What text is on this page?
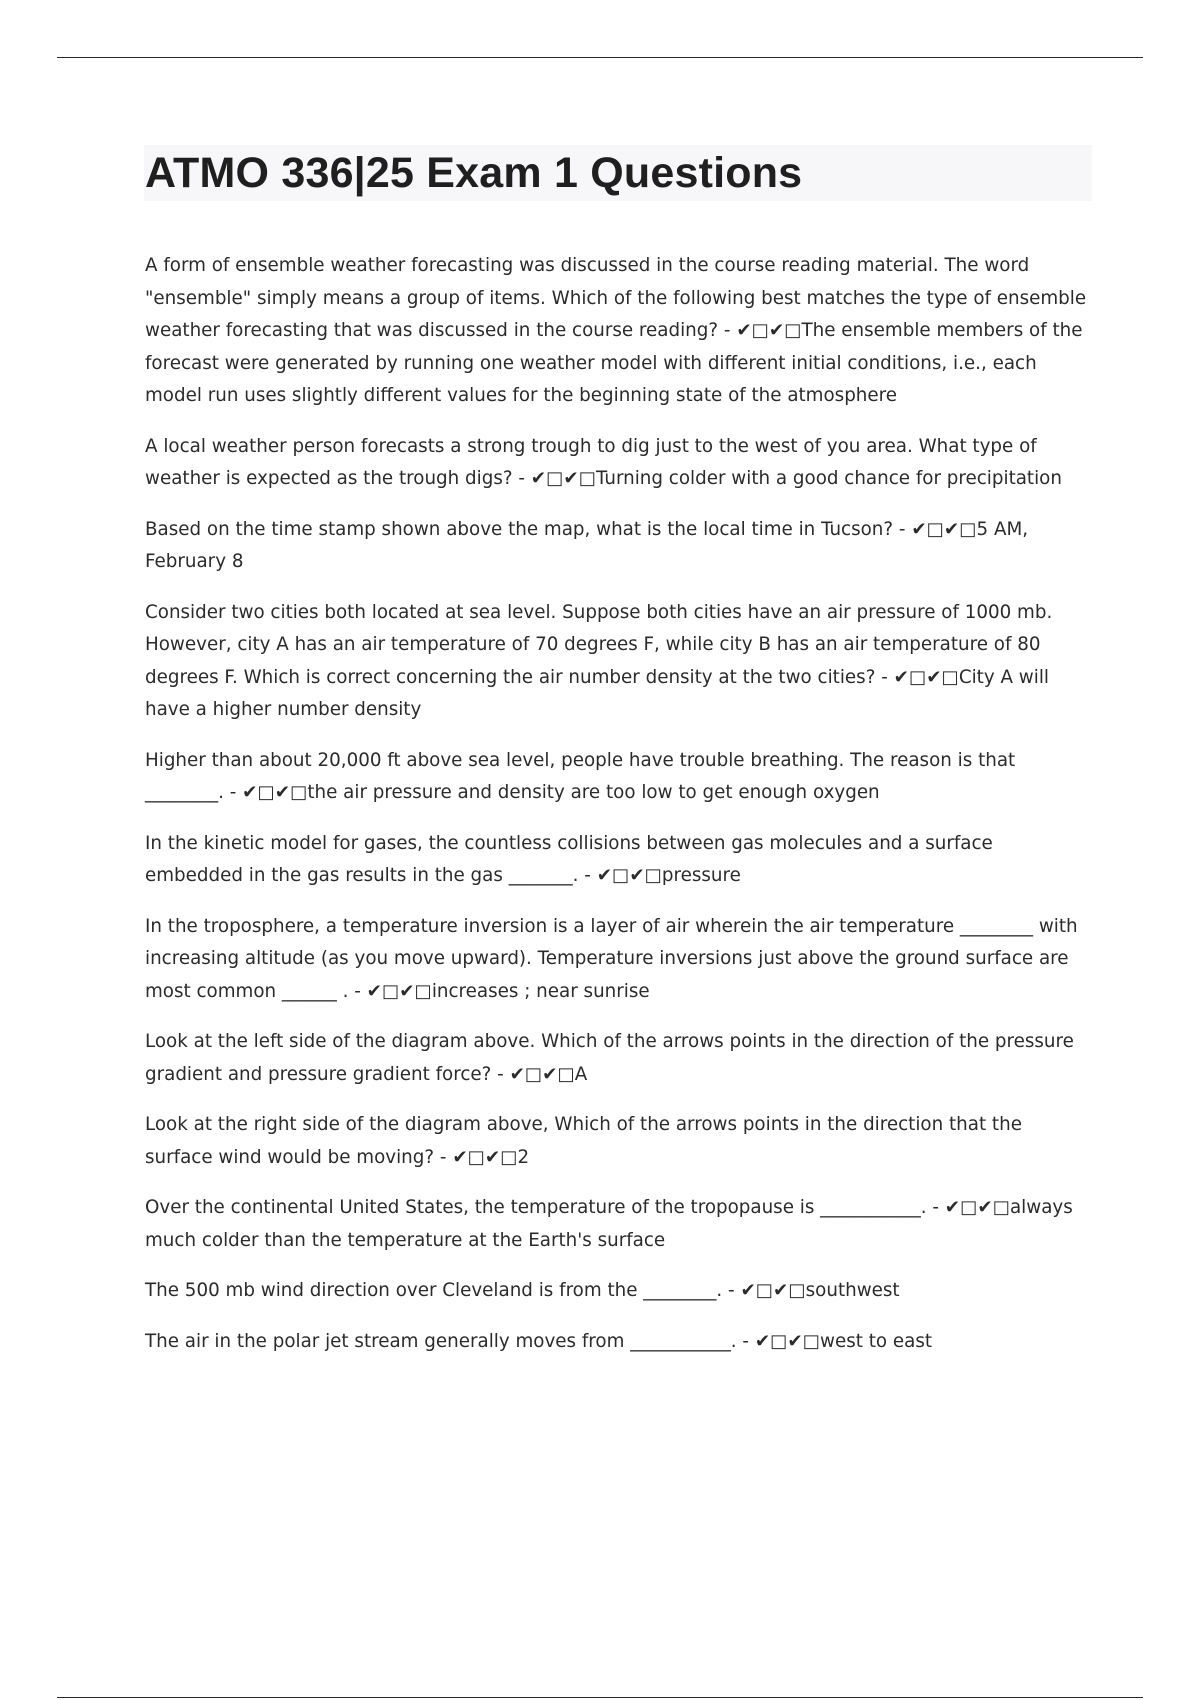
ATMO 336|25 Exam 1 Questions

A form of ensemble weather forecasting was discussed in the course reading material. The word "ensemble" simply means a group of items. Which of the following best matches the type of ensemble weather forecasting that was discussed in the course reading? - ✔□✔□The ensemble members of the forecast were generated by running one weather model with different initial conditions, i.e., each model run uses slightly different values for the beginning state of the atmosphere

A local weather person forecasts a strong trough to dig just to the west of you area. What type of weather is expected as the trough digs? - ✔□✔□Turning colder with a good chance for precipitation

Based on the time stamp shown above the map, what is the local time in Tucson? - ✔□✔□5 AM, February 8

Consider two cities both located at sea level. Suppose both cities have an air pressure of 1000 mb. However, city A has an air temperature of 70 degrees F, while city B has an air temperature of 80 degrees F. Which is correct concerning the air number density at the two cities? - ✔□✔□City A will have a higher number density

Higher than about 20,000 ft above sea level, people have trouble breathing. The reason is that ________. - ✔□✔□the air pressure and density are too low to get enough oxygen

In the kinetic model for gases, the countless collisions between gas molecules and a surface embedded in the gas results in the gas _______. - ✔□✔□pressure

In the troposphere, a temperature inversion is a layer of air wherein the air temperature ________ with increasing altitude (as you move upward). Temperature inversions just above the ground surface are most common ______ . - ✔□✔□increases ; near sunrise

Look at the left side of the diagram above. Which of the arrows points in the direction of the pressure gradient and pressure gradient force? - ✔□✔□A

Look at the right side of the diagram above, Which of the arrows points in the direction that the surface wind would be moving? - ✔□✔□2

Over the continental United States, the temperature of the tropopause is ___________. - ✔□✔□always much colder than the temperature at the Earth's surface

The 500 mb wind direction over Cleveland is from the ________. - ✔□✔□southwest

The air in the polar jet stream generally moves from ___________. - ✔□✔□west to east
